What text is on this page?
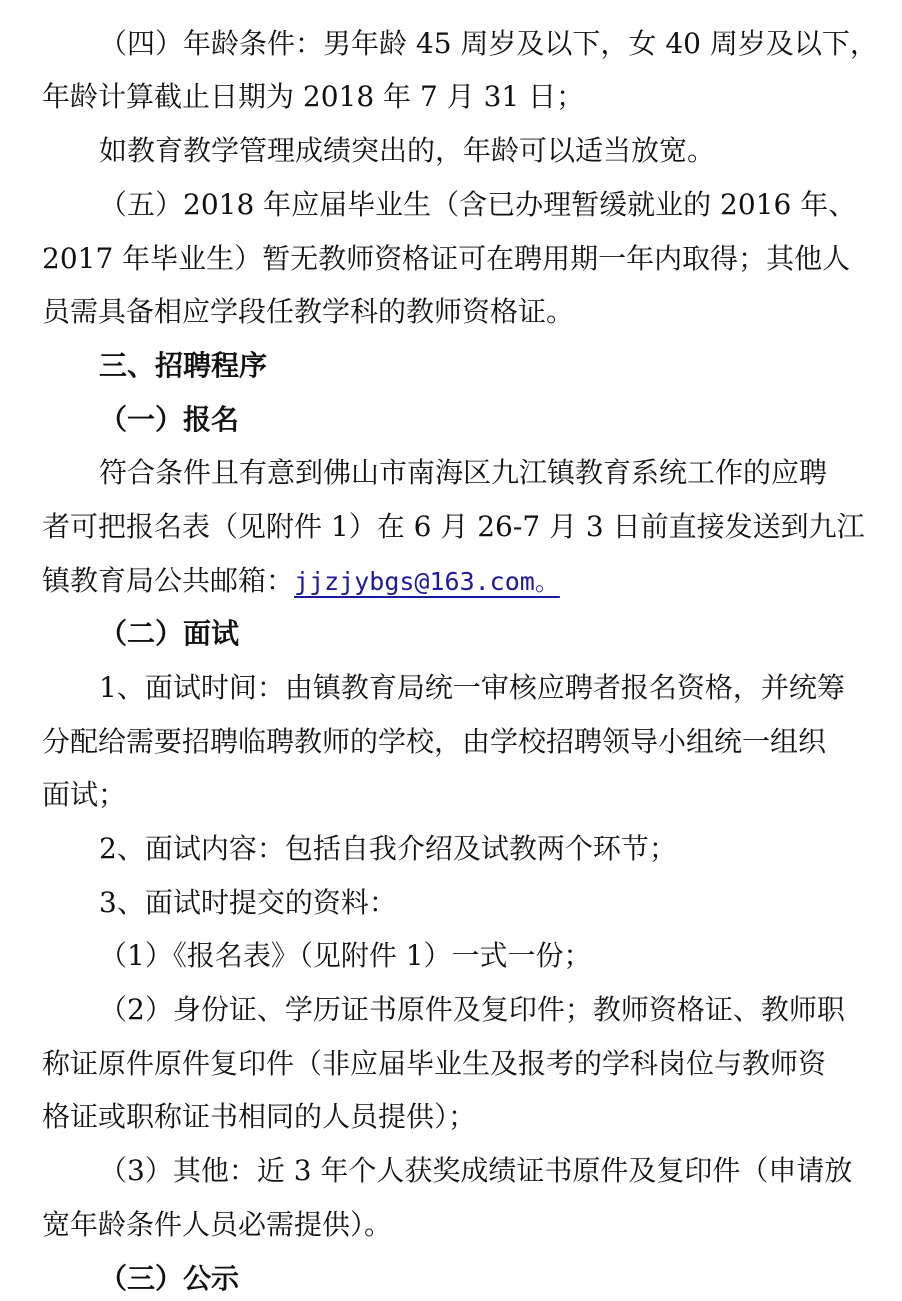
（四）年龄条件：男年龄 45 周岁及以下，女 40 周岁及以下，
年龄计算截止日期为 2018 年 7 月 31 日；
如教育教学管理成绩突出的，年龄可以适当放宽。
（五）2018 年应届毕业生（含已办理暂缓就业的 2016 年、
2017 年毕业生）暂无教师资格证可在聘用期一年内取得；其他人
员需具备相应学段任教学科的教师资格证。
三、招聘程序
（一）报名
符合条件且有意到佛山市南海区九江镇教育系统工作的应聘
者可把报名表（见附件 1）在 6 月 26-7 月 3 日前直接发送到九江
镇教育局公共邮箱：jjzjybgs@163.com。
（二）面试
1、面试时间：由镇教育局统一审核应聘者报名资格，并统筹
分配给需要招聘临聘教师的学校，由学校招聘领导小组统一组织
面试；
2、面试内容：包括自我介绍及试教两个环节；
3、面试时提交的资料：
（1）《报名表》（见附件 1）一式一份；
（2）身份证、学历证书原件及复印件；教师资格证、教师职
称证原件原件复印件（非应届毕业生及报考的学科岗位与教师资
格证或职称证书相同的人员提供）；
（3）其他：近 3 年个人获奖成绩证书原件及复印件（申请放
宽年龄条件人员必需提供）。
（三）公示
